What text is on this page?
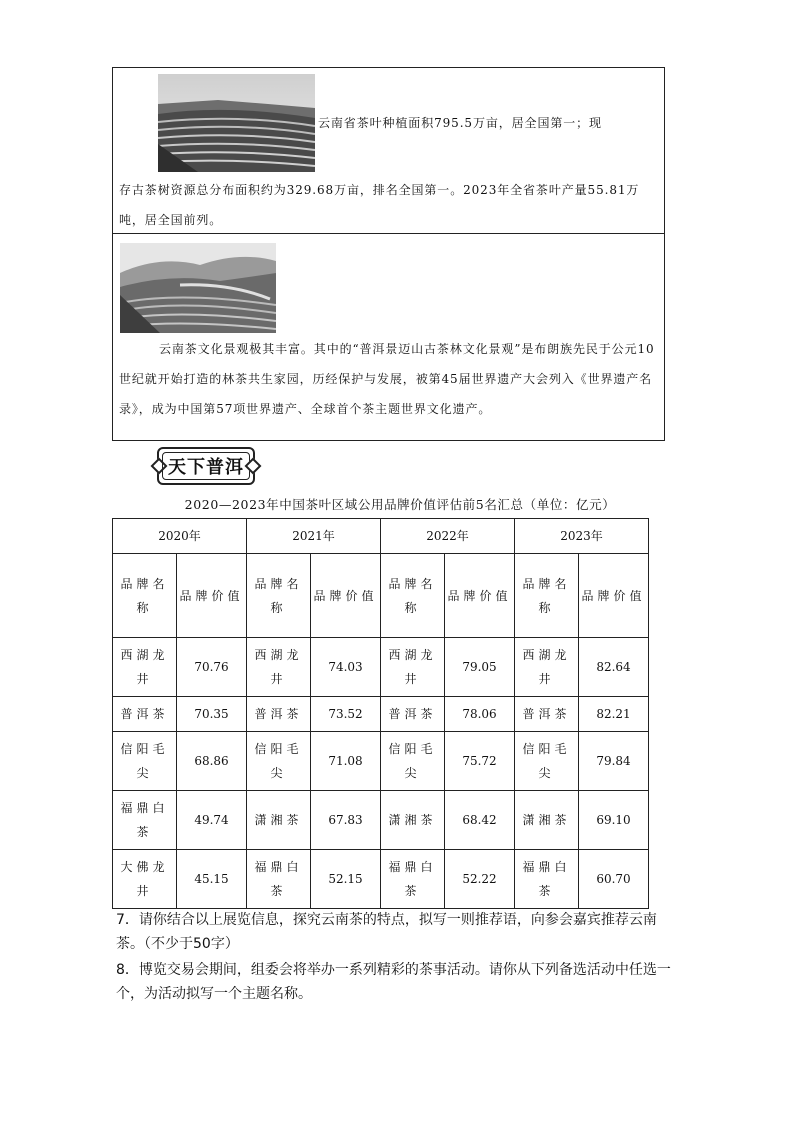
云南省茶叶种植面积795.5万亩，居全国第一；现
存古茶树资源总分布面积约为329.68万亩，排名全国第一。2023年全省茶叶产量55.81万吨，居全国前列。
云南茶文化景观极其丰富。其中的“普洱景迈山古茶林文化景观”是布朗族先民于公元10世纪就开始打造的林茶共生家园，历经保护与发展，被第45届世界遗产大会列入《世界遗产名录》，成为中国第57项世界遗产、全球首个茶主题世界文化遗产。
天下普洱
2020—2023年中国茶叶区域公用品牌价值评估前5名汇总（单位：亿元）
2020年		2021年		2022年		2023年	
品牌名称	品牌价值	品牌名称	品牌价值	品牌名称	品牌价值	品牌名称	品牌价值
西湖龙井	70.76	西湖龙井	74.03	西湖龙井	79.05	西湖龙井	82.64
普洱茶	70.35	普洱茶	73.52	普洱茶	78.06	普洱茶	82.21
信阳毛尖	68.86	信阳毛尖	71.08	信阳毛尖	75.72	信阳毛尖	79.84
福鼎白茶	49.74	潇湘茶	67.83	潇湘茶	68.42	潇湘茶	69.10
大佛龙井	45.15	福鼎白茶	52.15	福鼎白茶	52.22	福鼎白茶	60.70
7．请你结合以上展览信息，探究云南茶的特点，拟写一则推荐语，向参会嘉宾推荐云南茶。（不少于50字）
8．博览交易会期间，组委会将举办一系列精彩的茶事活动。请你从下列备选活动中任选一个，为活动拟写一个主题名称。
